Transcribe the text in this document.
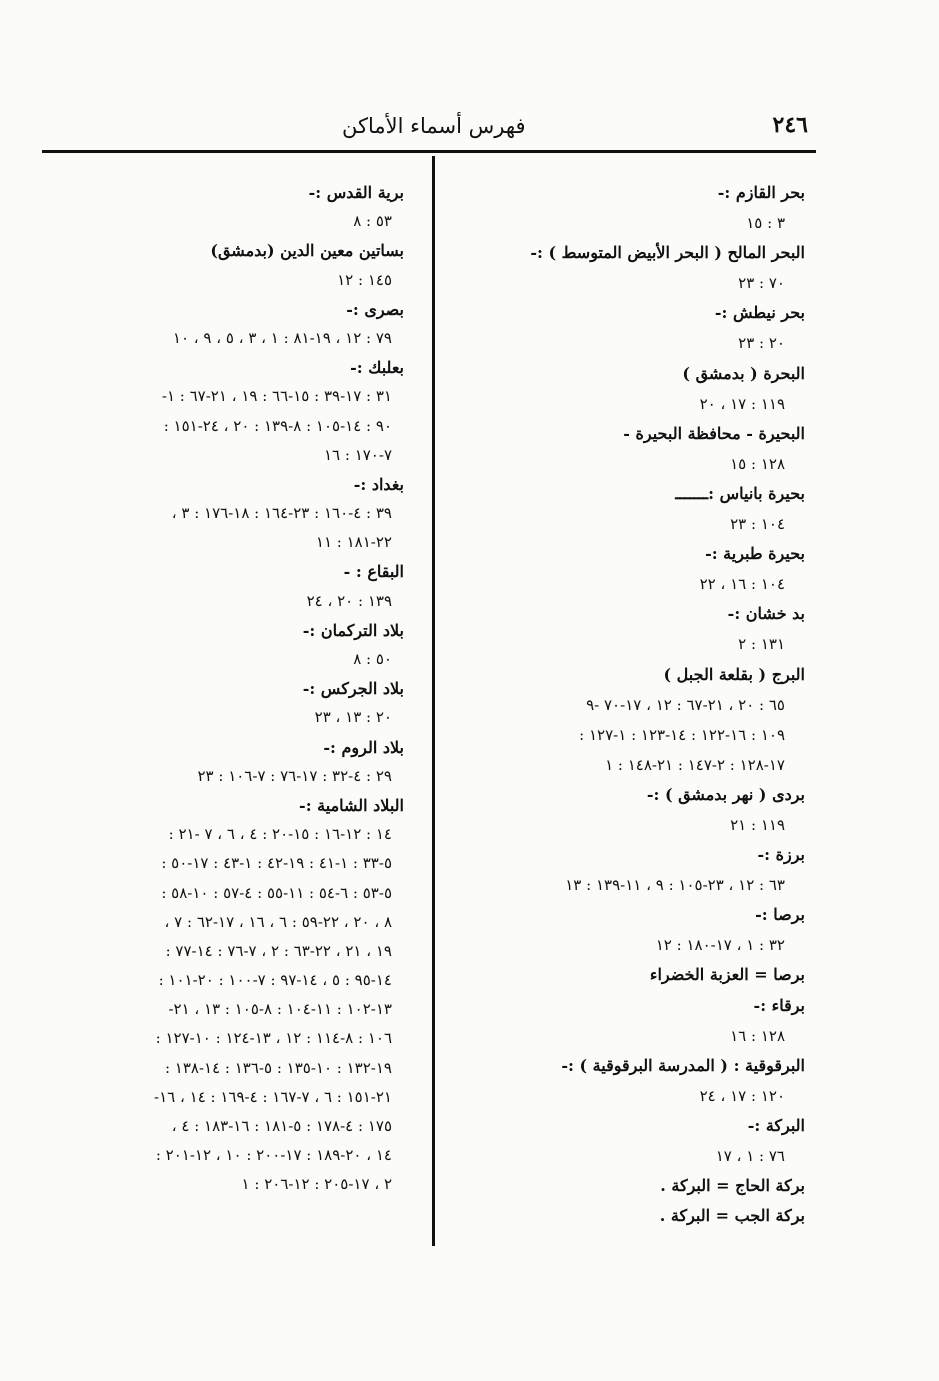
فهرس أسماء الأماكن	٢٤٦
بحر القازم :-
٣ : ١٥
البحر المالح ( البحر الأبيض المتوسط ) :-
٧٠ : ٢٣
بحر نيطش :-
٢٠ : ٢٣
البحرة ( بدمشق )
١١٩ : ١٧ ، ٢٠
البحيرة - محافظة البحيرة -
١٢٨ : ١٥
بحيرة بانياس :ـــــــ
١٠٤ : ٢٣
بحيرة طبرية :-
١٠٤ : ١٦ ، ٢٢
بد خشان :-
١٣١ : ٢
البرج ( بقلعة الجبل )
٦٥ : ٢٠ ، ٢١-٦٧ : ١٢ ، ١٧-٧٠ -٩
١٠٩ : ١٦-١٢٢ : ١٤-١٢٣ : ١-١٢٧ :
١٧-١٢٨ : ٢-١٤٧ : ٢١-١٤٨ : ١
بردى ( نهر بدمشق ) :-
١١٩ : ٢١
برزة :-
٦٣ : ١٢ ، ٢٣-١٠٥ : ٩ ، ١١-١٣٩ : ١٣
برصا :-
٣٢ : ١ ، ١٧-١٨٠ : ١٢
برصا = العزبة الخضراء
برقاء :-
١٢٨ : ١٦
البرقوقية : ( المدرسة البرقوقية ) :-
١٢٠ : ١٧ ، ٢٤
البركة :-
٧٦ : ١ ، ١٧
بركة الحاج = البركة .
بركة الجب = البركة .
برية القدس :-
٥٣ : ٨
بساتين معين الدين (بدمشق)
١٤٥ : ١٢
بصرى :-
٧٩ : ١٢ ، ١٩-٨١ : ١ ، ٣ ، ٥ ، ٩ ، ١٠
بعلبك :-
٣١ : ١٧-٣٩ : ١٥-٦٦ : ١٩ ، ٢١-٦٧ : ١-
٩٠ : ١٤-١٠٥ : ٨-١٣٩ : ٢٠ ، ٢٤-١٥١ :
٧-١٧٠ : ١٦
بغداد :-
٣٩ : ٤-١٦٠ : ٢٣-١٦٤ : ١٨-١٧٦ : ٣ ،
٢٢-١٨١ : ١١
البقاع : -
١٣٩ : ٢٠ ، ٢٤
بلاد التركمان :-
٥٠ : ٨
بلاد الجركس :-
٢٠ : ١٣ ، ٢٣
بلاد الروم :-
٢٩ : ٤-٣٢ : ١٧-٧٦ : ٧-١٠٦ : ٢٣
البلاد الشامية :-
١٤ : ١٢-١٦ : ١٥-٢٠ : ٤ ، ٦ ، ٧ -٢١ :
٥-٣٣ : ١-٤١ : ١٩-٤٢ : ١-٤٣ : ١٧-٥٠ :
٥-٥٣ : ٦-٥٤ : ١١-٥٥ : ٤-٥٧ : ١٠-٥٨ :
٨ ، ٢٠ ، ٢٢-٥٩ : ٦ ، ١٦ ، ١٧-٦٢ : ٧ ،
١٩ ، ٢١ ، ٢٢-٦٣ : ٢ ، ٧-٧٦ : ١٤-٧٧ :
١٤-٩٥ : ٥ ، ١٤-٩٧ : ٧-١٠٠ : ٢٠-١٠١ :
١٣-١٠٢ : ١١-١٠٤ : ٨-١٠٥ : ١٣ ، ٢١-
١٠٦ : ٨-١١٤ : ١٢ ، ١٣-١٢٤ : ١٠-١٢٧ :
١٩-١٣٢ : ١٠-١٣٥ : ٥-١٣٦ : ١٤-١٣٨ :
٢١-١٥١ : ٦ ، ٧-١٦٧ : ٤-١٦٩ : ١٤ ، ١٦-
١٧٥ : ٤-١٧٨ : ٥-١٨١ : ١٦-١٨٣ : ٤ ،
١٤ ، ٢٠-١٨٩ : ١٧-٢٠٠ : ١٠ ، ١٢-٢٠١ :
٢ ، ١٧-٢٠٥ : ١٢-٢٠٦ : ١
